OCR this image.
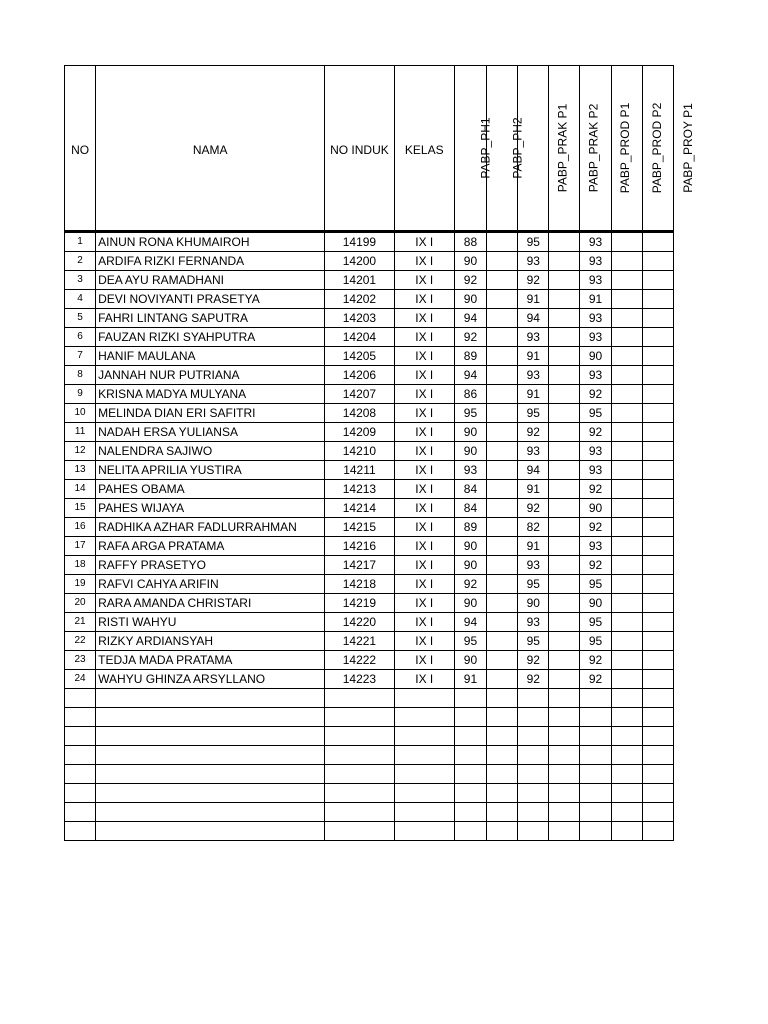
NO	NAMA	NO INDUK	KELAS	PABP_PH1	PABP_PH2	PABP_PRAK P1	PABP_PRAK P2	PABP_PROD P1	PABP_PROD P2	PABP_PROY P1
1	AINUN RONA KHUMAIROH	14199	IX I	88		95		93		
2	ARDIFA RIZKI FERNANDA	14200	IX I	90		93		93		
3	DEA AYU RAMADHANI	14201	IX I	92		92		93		
4	DEVI NOVIYANTI PRASETYA	14202	IX I	90		91		91		
5	FAHRI LINTANG SAPUTRA	14203	IX I	94		94		93		
6	FAUZAN RIZKI SYAHPUTRA	14204	IX I	92		93		93		
7	HANIF MAULANA	14205	IX I	89		91		90		
8	JANNAH NUR PUTRIANA	14206	IX I	94		93		93		
9	KRISNA MADYA MULYANA	14207	IX I	86		91		92		
10	MELINDA DIAN ERI SAFITRI	14208	IX I	95		95		95		
11	NADAH ERSA YULIANSA	14209	IX I	90		92		92		
12	NALENDRA SAJIWO	14210	IX I	90		93		93		
13	NELITA APRILIA YUSTIRA	14211	IX I	93		94		93		
14	PAHES OBAMA	14213	IX I	84		91		92		
15	PAHES WIJAYA	14214	IX I	84		92		90		
16	RADHIKA AZHAR FADLURRAHMAN	14215	IX I	89		82		92		
17	RAFA ARGA PRATAMA	14216	IX I	90		91		93		
18	RAFFY PRASETYO	14217	IX I	90		93		92		
19	RAFVI CAHYA ARIFIN	14218	IX I	92		95		95		
20	RARA AMANDA CHRISTARI	14219	IX I	90		90		90		
21	RISTI WAHYU	14220	IX I	94		93		95		
22	RIZKY ARDIANSYAH	14221	IX I	95		95		95		
23	TEDJA MADA PRATAMA	14222	IX I	90		92		92		
24	WAHYU GHINZA ARSYLLANO	14223	IX I	91		92		92		
